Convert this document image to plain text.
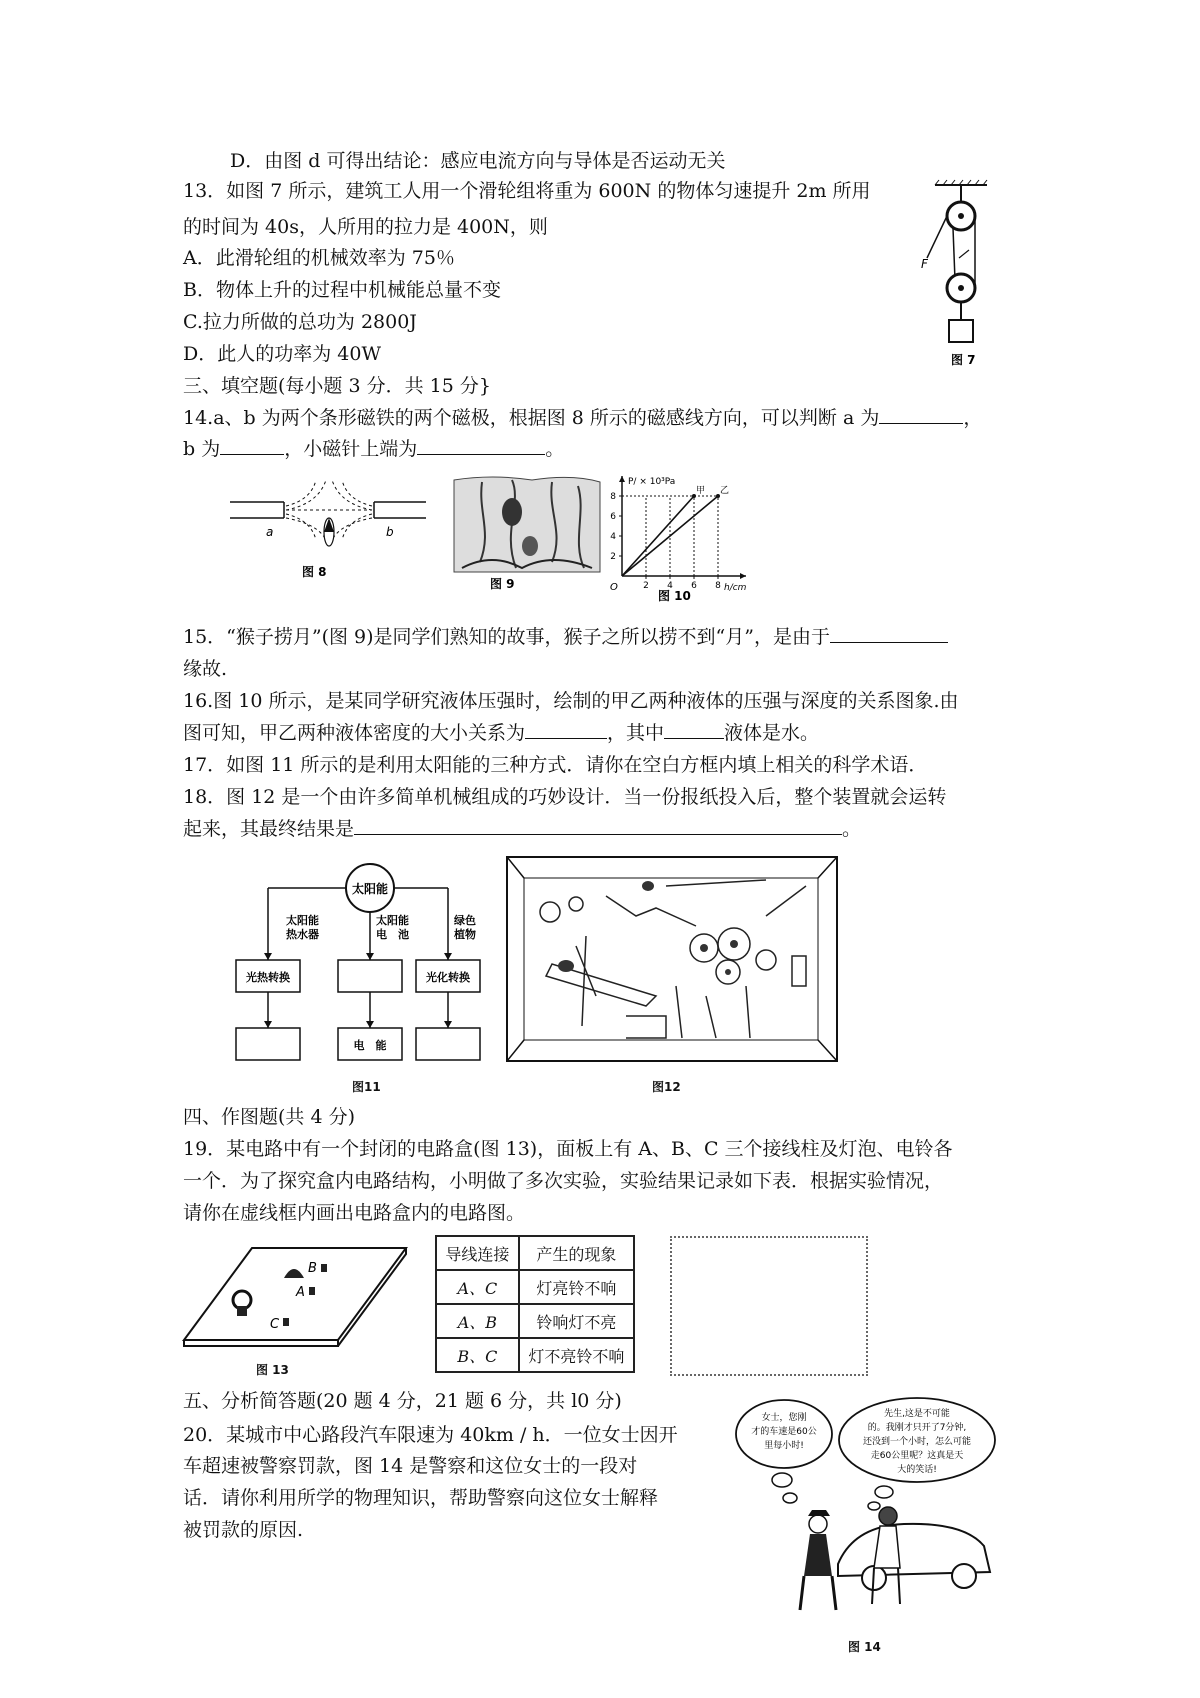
D．由图 d 可得出结论：感应电流方向与导体是否运动无关
13．如图 7 所示，建筑工人用一个滑轮组将重为 600N 的物体匀速提升 2m 所用
的时间为 40s，人所用的拉力是 400N，则
A．此滑轮组的机械效率为 75％
B．物体上升的过程中机械能总量不变
C.拉力所做的总功为 2800J
D．此人的功率为 40W
F
图 7
三、填空题(每小题 3 分．共 15 分}
14.a、b 为两个条形磁铁的两个磁极，根据图 8 所示的磁感线方向，可以判断 a 为	，
b 为	，小磁针上端为	。
a	b
图 8
图 9	2 4 6 8
2
4
6
8
甲 乙
P/ × 10³Pa
h/cm
O
图 10
15．“猴子捞月”(图 9)是同学们熟知的故事，猴子之所以捞不到“月”，是由于
缘故.
16.图 10 所示，是某同学研究液体压强时，绘制的甲乙两种液体的压强与深度的关系图象.由
图可知，甲乙两种液体密度的大小关系为	，其中	液体是水。
17．如图 11 所示的是利用太阳能的三种方式．请你在空白方框内填上相关的科学术语．
18．图 12 是一个由许多简单机械组成的巧妙设计．当一份报纸投入后，整个装置就会运转
起来，其最终结果是	。
太阳能
太阳能
热水器
太阳能
电　池
绿色
植物
光热转换	光化转换
电　能
图11	图12
四、作图题(共 4 分)
19．某电路中有一个封闭的电路盒(图 13)，面板上有 A、B、C 三个接线柱及灯泡、电铃各
一个．为了探究盒内电路结构，小明做了多次实验，实验结果记录如下表．根据实验情况，
请你在虚线框内画出电路盒内的电路图。
B
A
C
图 13
导线连接	产生的现象
A、C	灯亮铃不响
A、B	铃响灯不亮
B、C	灯不亮铃不响
五、分析简答题(20 题 4 分，21 题 6 分，共 l0 分)
20．某城市中心路段汽车限速为 40km / h．一位女士因开
车超速被警察罚款，图 14 是警察和这位女士的一段对
话．请你利用所学的物理知识，帮助警察向这位女士解释
被罚款的原因.
女士，您刚
才的车速是60公
里每小时!
先生,这是不可能
的。我刚才只开了7分钟,
还没到一个小时，怎么可能
走60公里呢？这真是天
大的笑话!
图 14
